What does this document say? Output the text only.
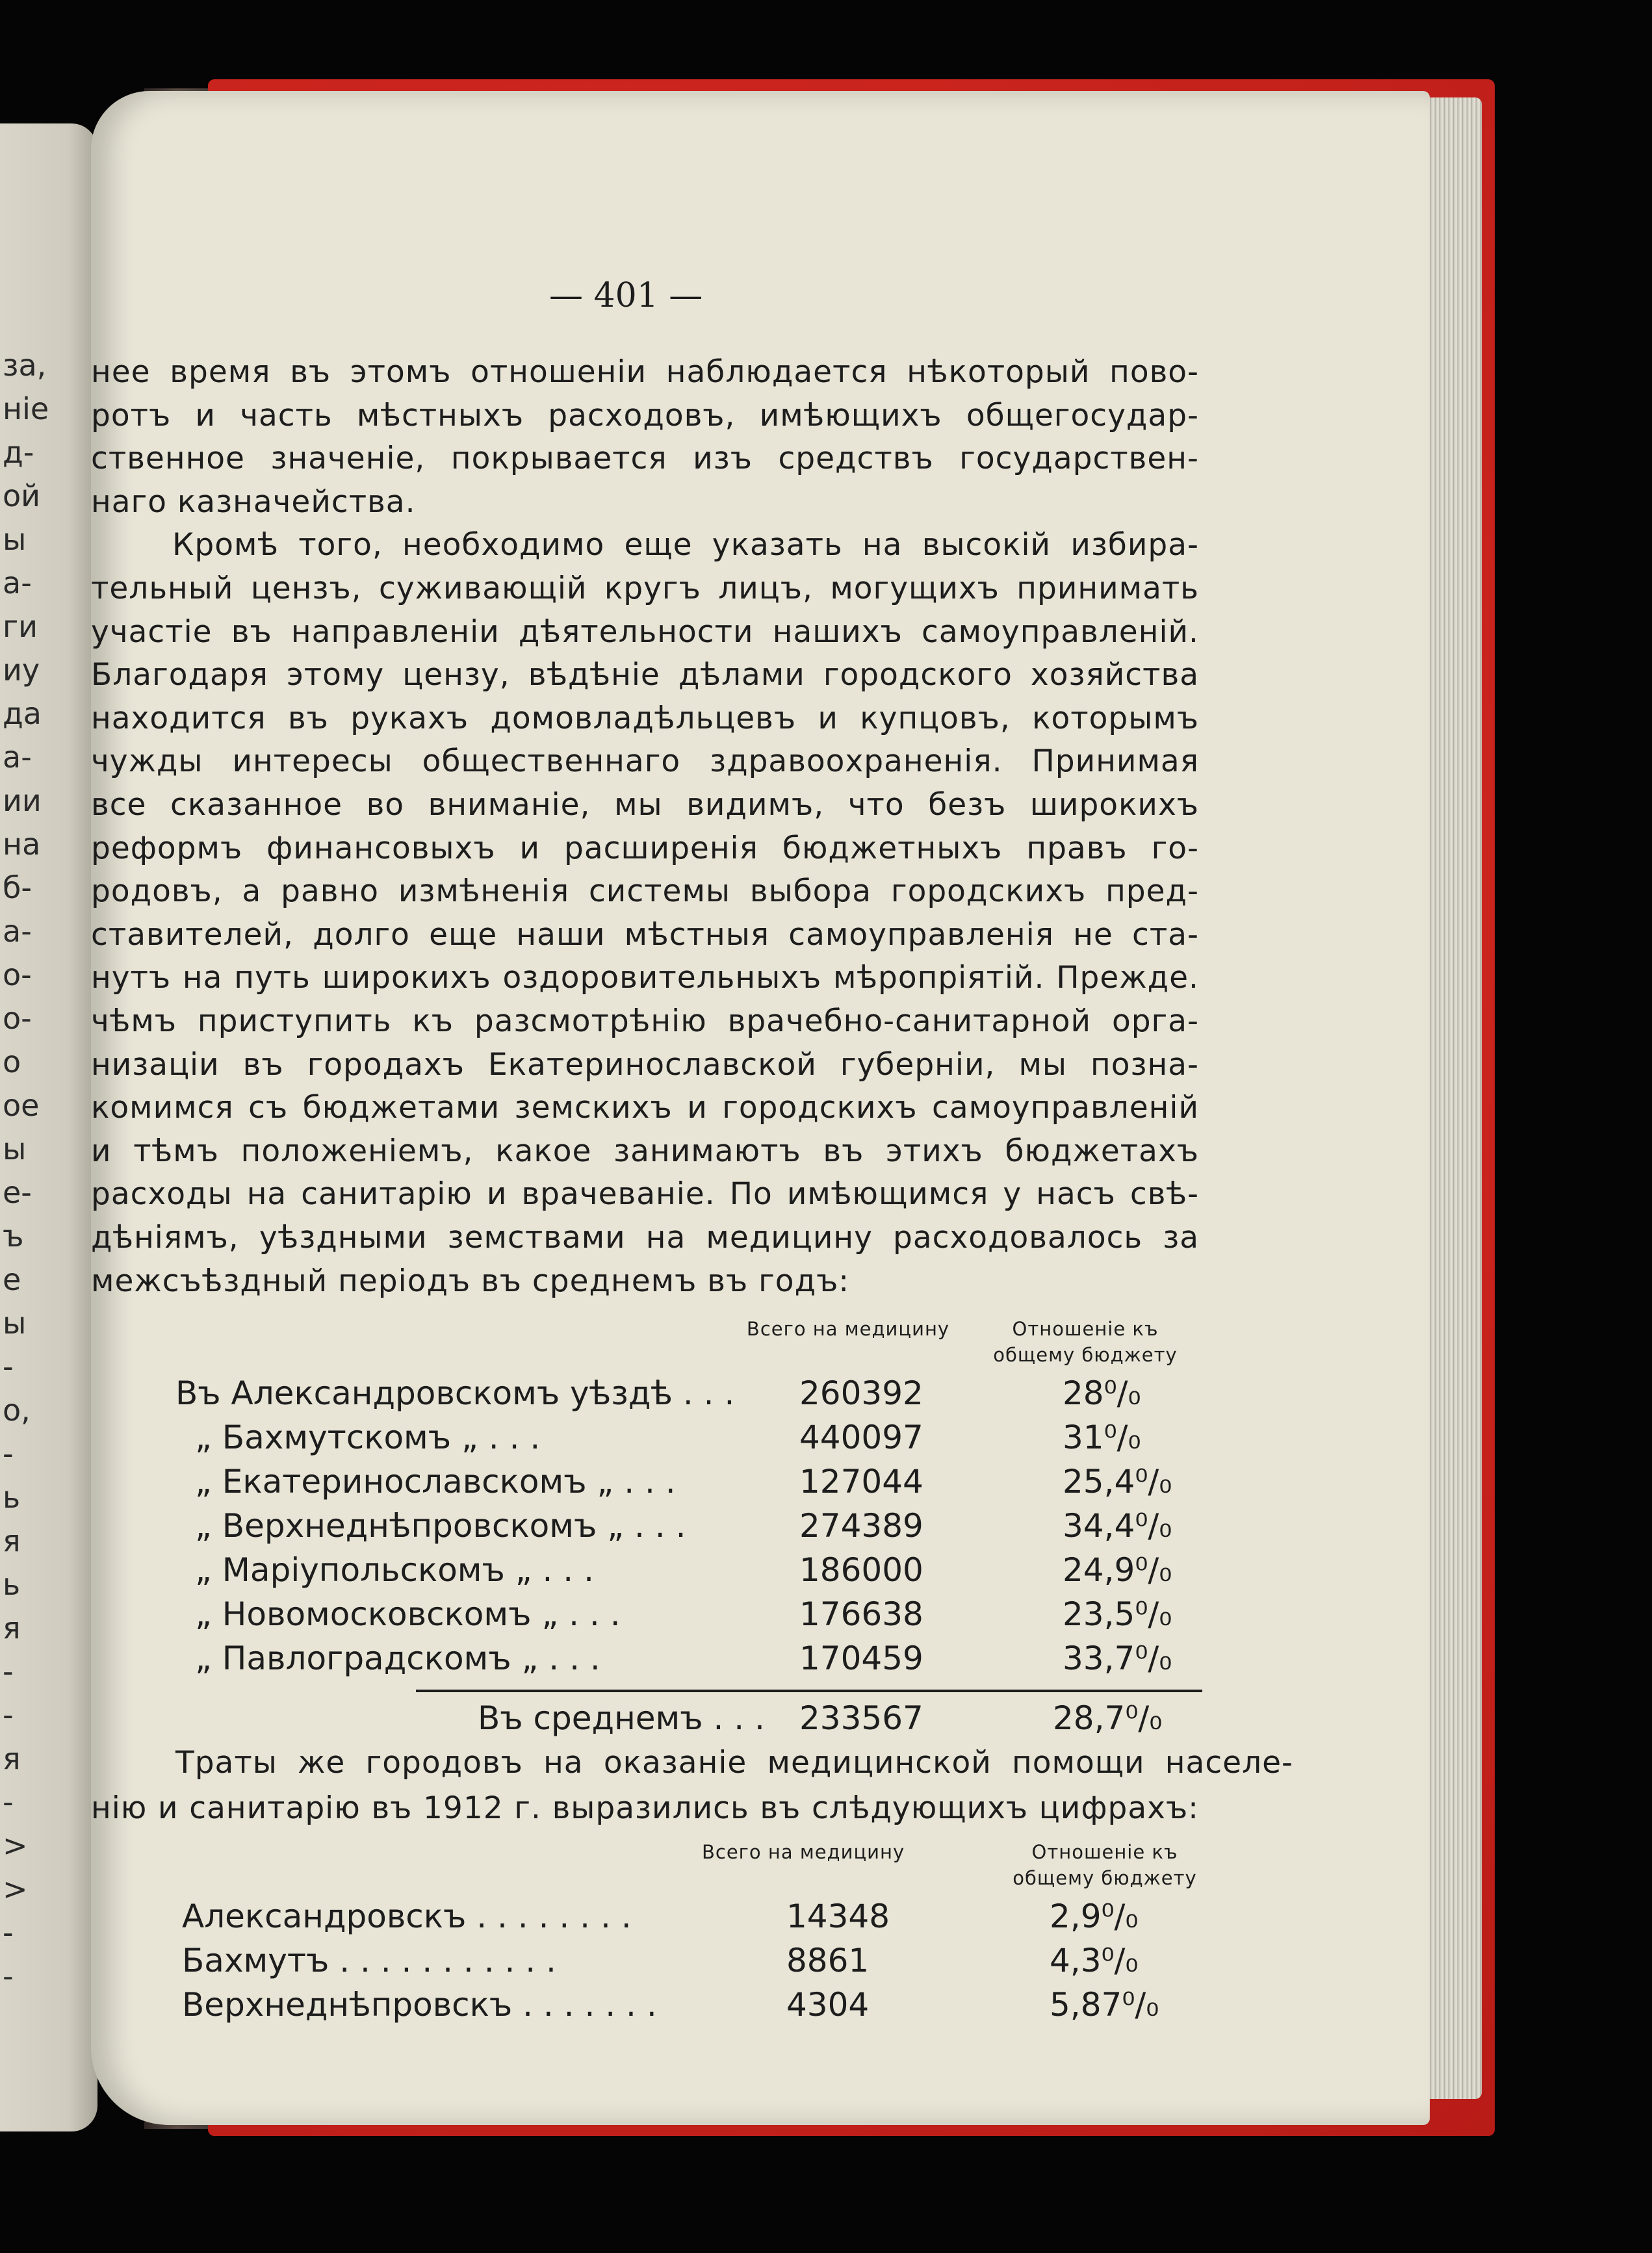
за,
ніе
д-
ой
ы
а-
ги
иу
да
а-
ии
на
б-
а-
о-
о-
о
ое
ы
е-
ъ
е
ы
-
о,
-
ь
я
ь
я
-
-
я
-
>
>
-
-
— 401 —
нее время въ этомъ отношеніи наблюдается нѣкоторый пово-
ротъ и часть мѣстныхъ расходовъ, имѣющихъ общегосудар-
ственное значеніе, покрывается изъ средствъ государствен-
наго казначейства.
Кромѣ того, необходимо еще указать на высокій избира-
тельный цензъ, суживающій кругъ лицъ, могущихъ принимать
участіе въ направленіи дѣятельности нашихъ самоуправленій.
Благодаря этому цензу, вѣдѣніе дѣлами городского хозяйства
находится въ рукахъ домовладѣльцевъ и купцовъ, которымъ
чужды интересы общественнаго здравоохраненія. Принимая
все сказанное во вниманіе, мы видимъ, что безъ широкихъ
реформъ финансовыхъ и расширенія бюджетныхъ правъ го-
родовъ, а равно измѣненія системы выбора городскихъ пред-
ставителей, долго еще наши мѣстныя самоуправленія не ста-
нутъ на путь широкихъ оздоровительныхъ мѣропріятій. Прежде.
чѣмъ приступить къ разсмотрѣнію врачебно-санитарной орга-
низаціи въ городахъ Екатеринославской губерніи, мы позна-
комимся съ бюджетами земскихъ и городскихъ самоуправленій
и тѣмъ положеніемъ, какое занимаютъ въ этихъ бюджетахъ
расходы на санитарію и врачеваніе. По имѣющимся у насъ свѣ-
дѣніямъ, уѣздными земствами на медицину расходовалось за
межсъѣздный періодъ въ среднемъ въ годъ:
Всего на медицину	Отношеніе къ общему бюджету
Въ Александровскомъ уѣздѣ . . . 260392	28⁰/₀
„ Бахмутскомъ „ . . .	440097	31⁰/₀
„ Екатеринославскомъ „ . . .	127044	25,4⁰/₀
„ Верхнеднѣпровскомъ „ . . .	274389	34,4⁰/₀
„ Маріупольскомъ „ . . .	186000	24,9⁰/₀
„ Новомосковскомъ „ . . .	176638	23,5⁰/₀
„ Павлоградскомъ „ . . .	170459	33,7⁰/₀
Въ среднемъ . . . 233567	28,7⁰/₀
Траты же городовъ на оказаніе медицинской помощи населе-
нію и санитарію въ 1912 г. выразились въ слѣдующихъ цифрахъ:
Всего на медицину	Отношеніе къ общему бюджету
Александровскъ . . . . . . . .	14348	2,9⁰/₀
Бахмутъ . . . . . . . . . . .	8861	4,3⁰/₀
Верхнеднѣпровскъ . . . . . . .	4304	5,87⁰/₀
